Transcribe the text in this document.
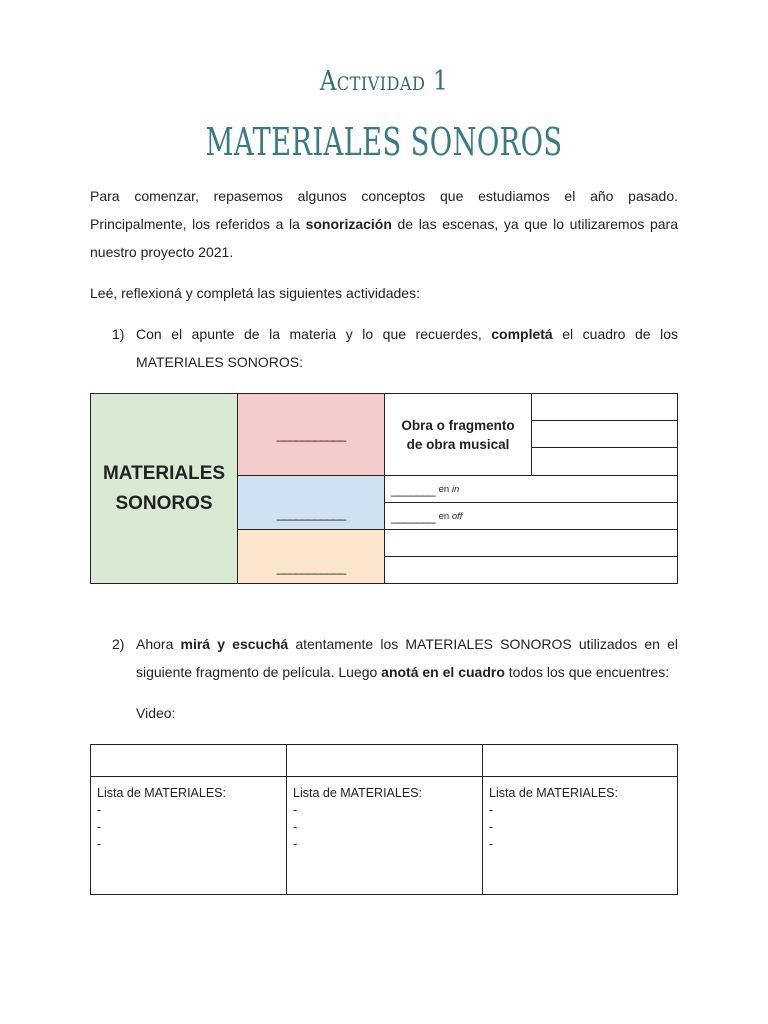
Actividad 1
MATERIALES SONOROS
Para comenzar, repasemos algunos conceptos que estudiamos el año pasado. Principalmente, los referidos a la sonorización de las escenas, ya que lo utilizaremos para nuestro proyecto 2021.
Leé, reflexioná y completá las siguientes actividades:
1) Con el apunte de la materia y lo que recuerdes, completá el cuadro de los MATERIALES SONOROS:
MATERIALES
SONOROS
___________
___________
___________
Obra o fragmento de obra musical
_______ en in
_______ en off
2) Ahora mirá y escuchá atentamente los MATERIALES SONOROS utilizados en el siguiente fragmento de película. Luego anotá en el cuadro todos los que encuentres:
Video:
Lista de MATERIALES:
-
-
-
Lista de MATERIALES:
-
-
-
Lista de MATERIALES:
-
-
-
